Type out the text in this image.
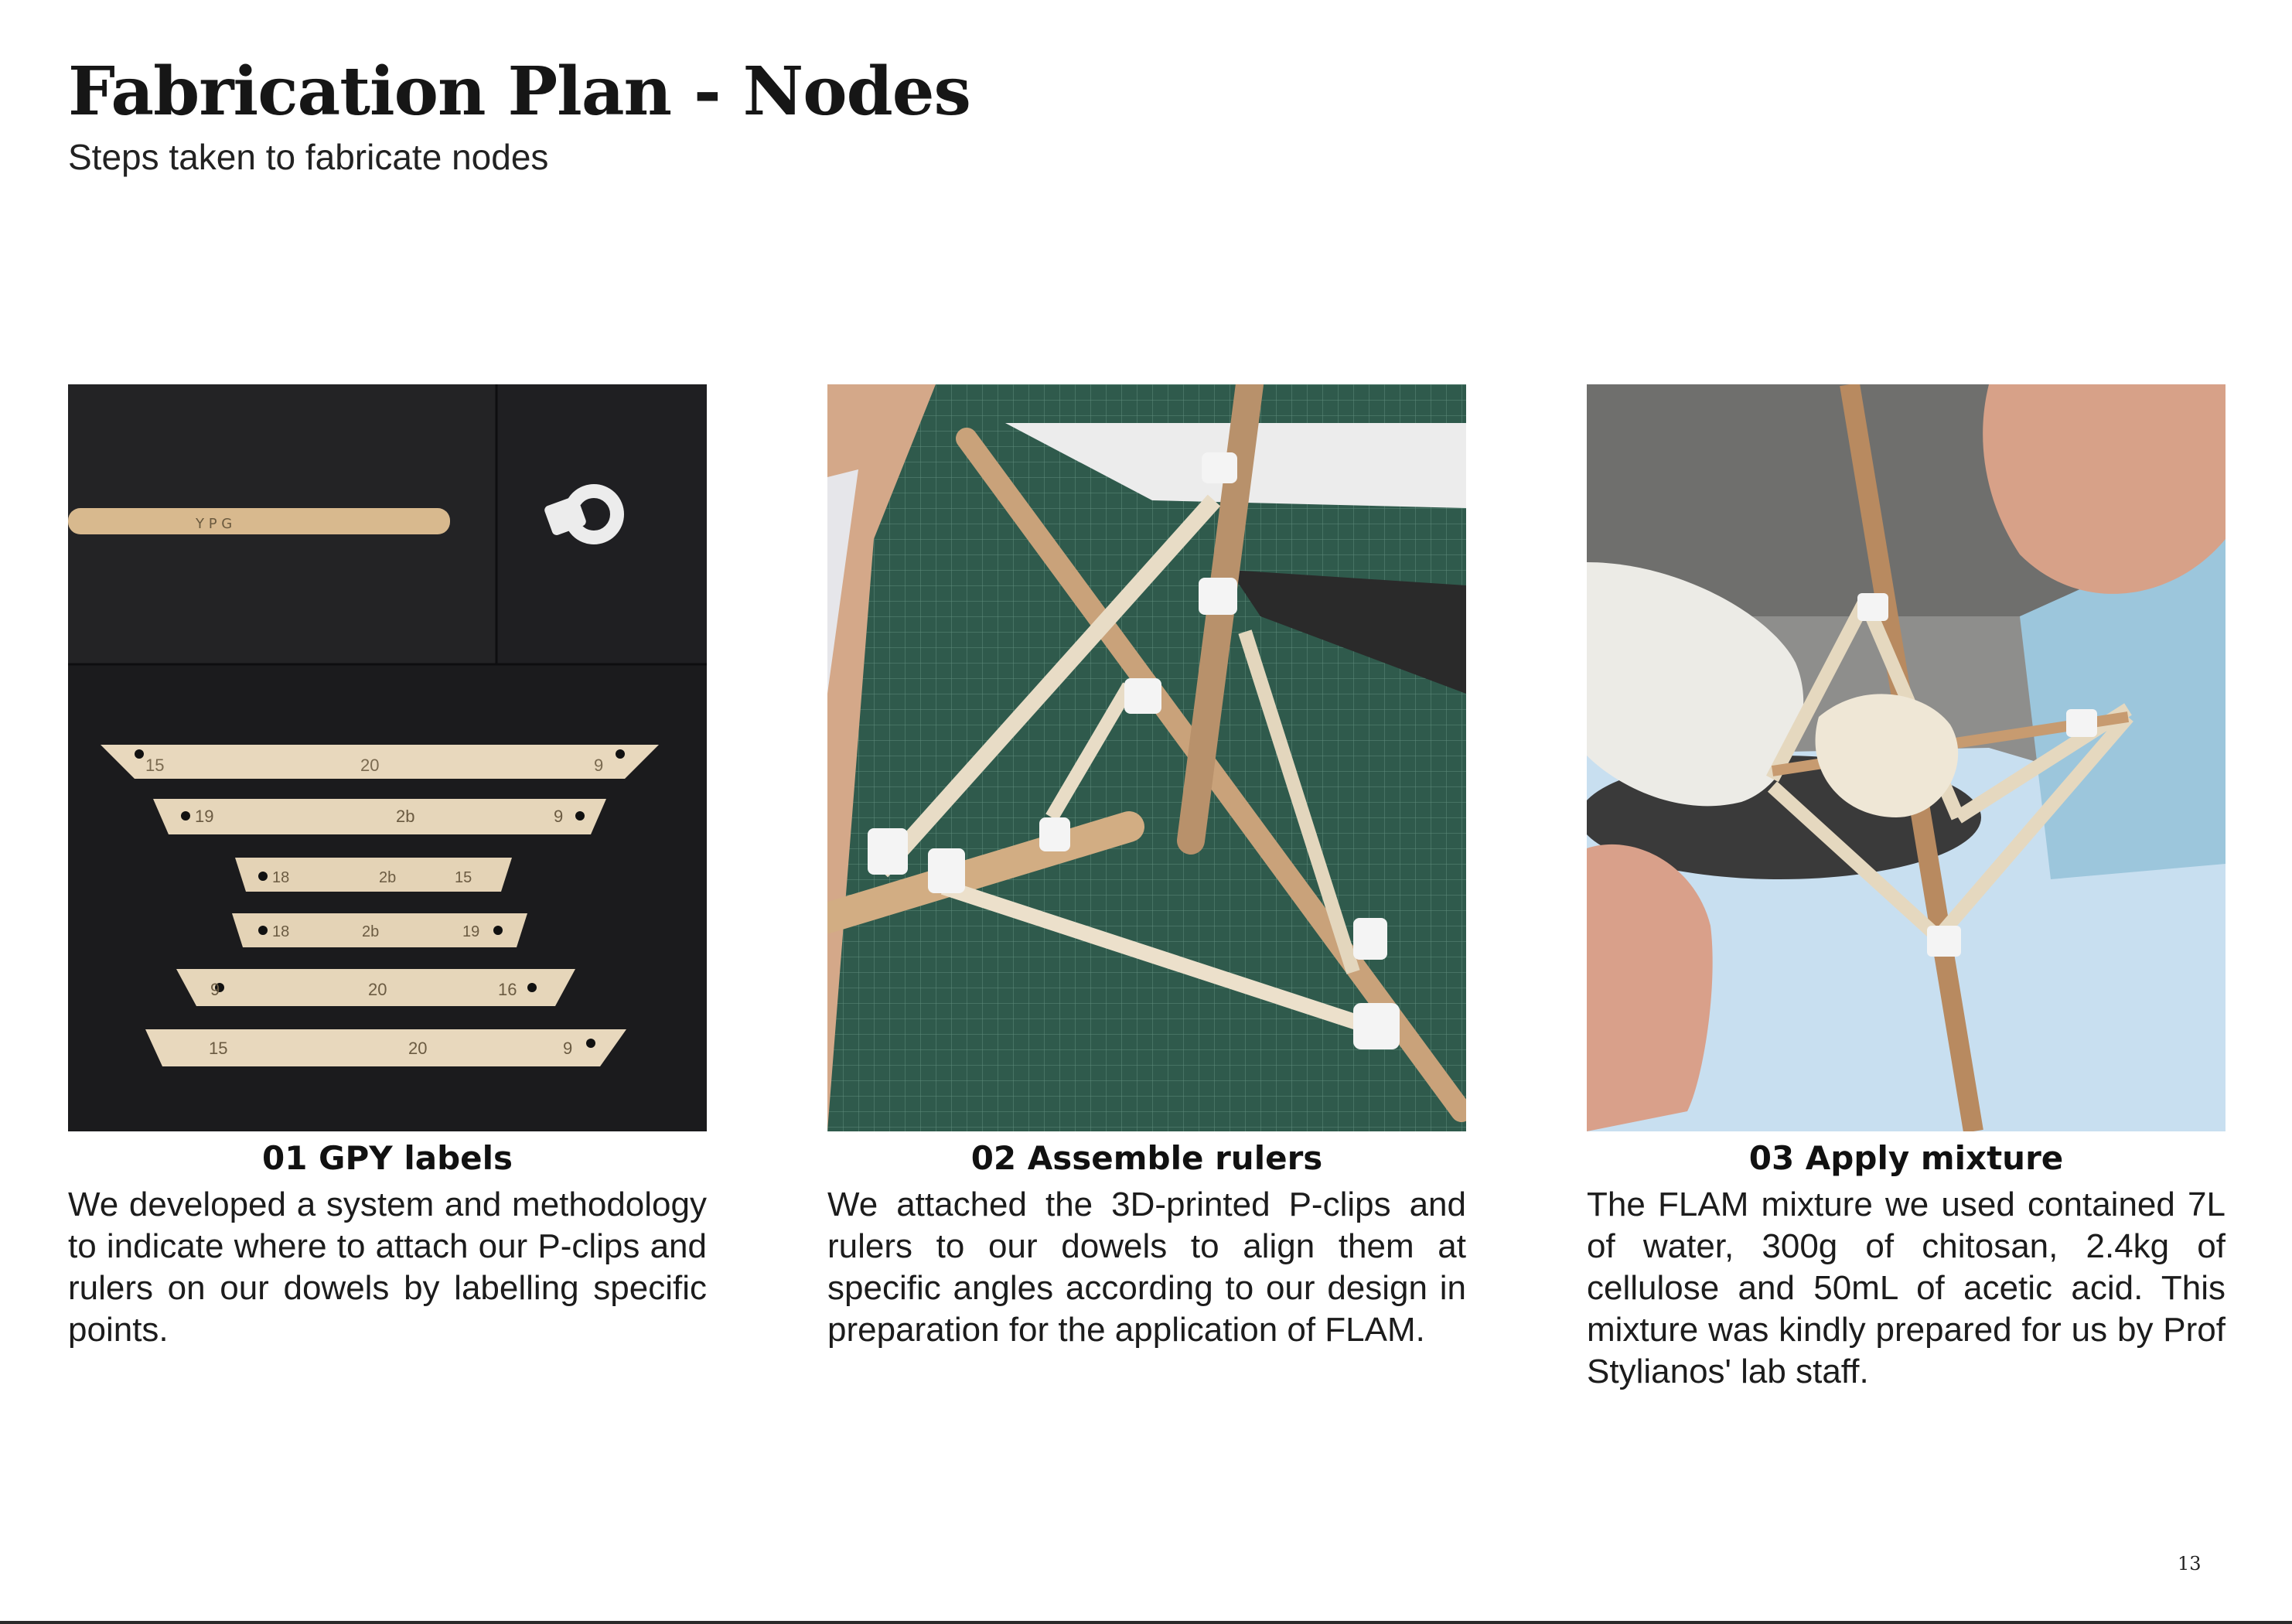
Fabrication Plan - Nodes

Steps taken to fabricate nodes

Y P G
15	20	9
19	2b	9
18	2b	15
18	2b	19
9	20	16
15	20	9

01 GPY labels

We developed a system and methodology to indicate where to attach our P-clips and rulers on our dowels by labelling specific points.

02 Assemble rulers

We attached the 3D-printed P-clips and rulers to our dowels to align them at specific angles according to our design in preparation for the application of FLAM.

03 Apply mixture

The FLAM mixture we used contained 7L of water, 300g of chitosan, 2.4kg of cellulose and 50mL of acetic acid. This mixture was kindly prepared for us by Prof Stylianos' lab staff.

13
